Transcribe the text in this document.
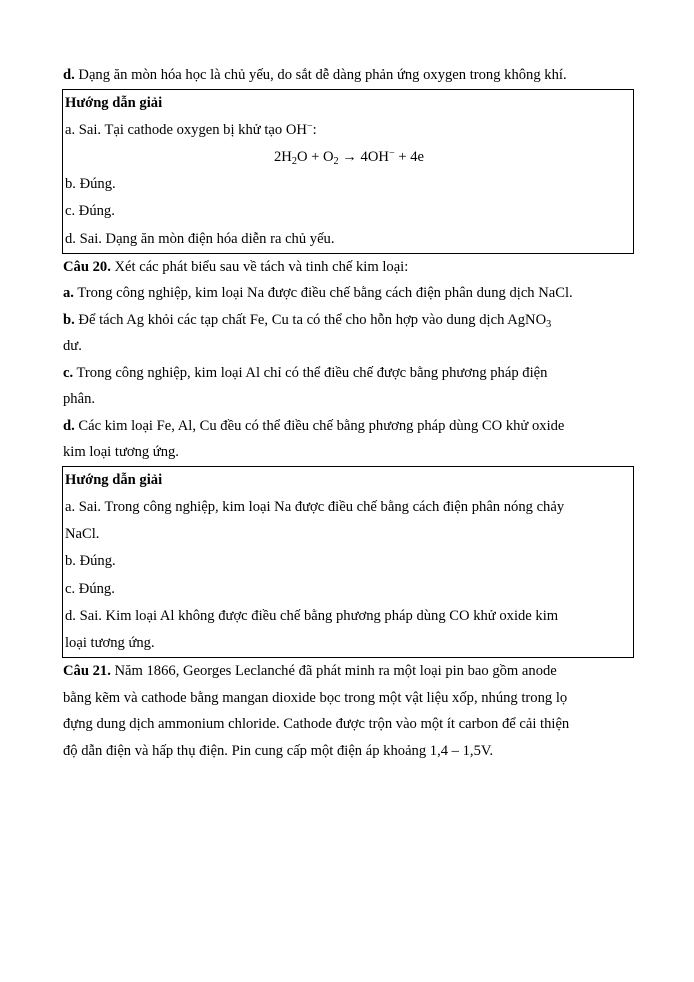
d. Dạng ăn mòn hóa học là chủ yếu, do sắt dễ dàng phản ứng oxygen trong không khí.
Hướng dẫn giải
a. Sai. Tại cathode oxygen bị khử tạo OH−:
$2H_2O + O_2 \to 4OH^- + 4e$
b. Đúng.
c. Đúng.
d. Sai. Dạng ăn mòn điện hóa diễn ra chủ yếu.
Câu 20. Xét các phát biểu sau về tách và tinh chế kim loại:
a. Trong công nghiệp, kim loại Na được điều chế bằng cách điện phân dung dịch NaCl.
b. Để tách Ag khỏi các tạp chất Fe, Cu ta có thể cho hỗn hợp vào dung dịch AgNO$_3$
dư.
c. Trong công nghiệp, kim loại Al chỉ có thể điều chế được bằng phương pháp điện
phân.
d. Các kim loại Fe, Al, Cu đều có thể điều chế bằng phương pháp dùng CO khử oxide
kim loại tương ứng.
Hướng dẫn giải
a. Sai. Trong công nghiệp, kim loại Na được điều chế bằng cách điện phân nóng chảy
NaCl.
b. Đúng.
c. Đúng.
d. Sai. Kim loại Al không được điều chế bằng phương pháp dùng CO khử oxide kim
loại tương ứng.
Câu 21. Năm 1866, Georges Leclanché đã phát minh ra một loại pin bao gồm anode
bằng kẽm và cathode bằng mangan dioxide bọc trong một vật liệu xốp, nhúng trong lọ
đựng dung dịch ammonium chloride. Cathode được trộn vào một ít carbon để cải thiện
độ dẫn điện và hấp thụ điện. Pin cung cấp một điện áp khoảng 1,4 – 1,5V.
